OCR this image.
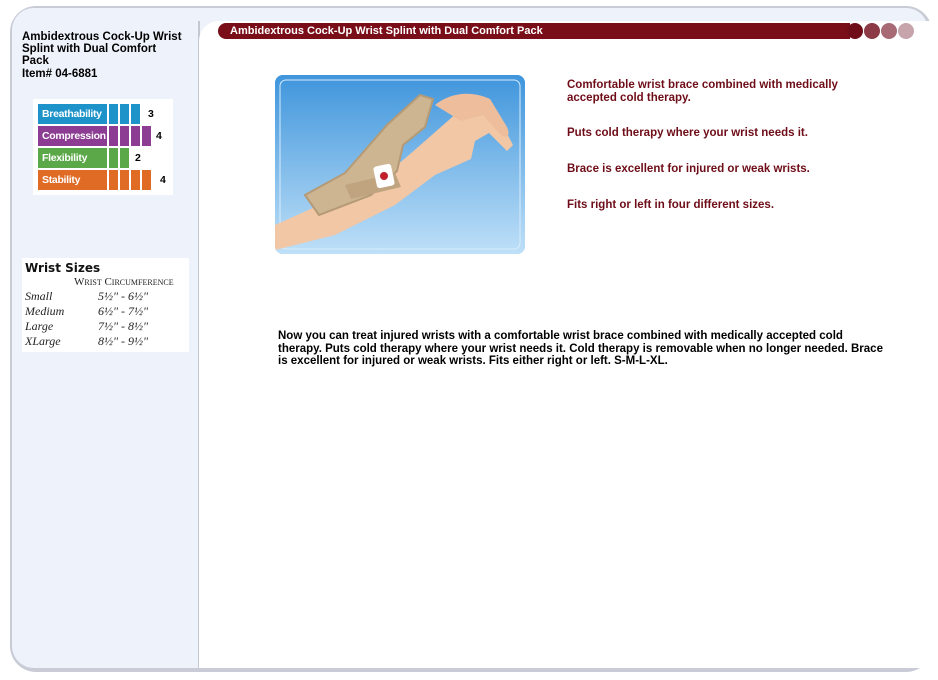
Ambidextrous Cock-Up Wrist Splint with Dual Comfort Pack
Item# 04-6881
Breathability	3
Compression	4
Flexibility	2
Stability	4
Wrist Sizes
Wrist Circumference
Small	5½" - 6½"
Medium	6½" - 7½"
Large	7½" - 8½"
XLarge	8½" - 9½"
Ambidextrous Cock-Up Wrist Splint with Dual Comfort Pack
Comfortable wrist brace combined with medically accepted cold therapy.
Puts cold therapy where your wrist needs it.
Brace is excellent for injured or weak wrists.
Fits right or left in four different sizes.
Now you can treat injured wrists with a comfortable wrist brace combined with medically accepted cold therapy. Puts cold therapy where your wrist needs it. Cold therapy is removable when no longer needed. Brace is excellent for injured or weak wrists. Fits either right or left. S-M-L-XL.
